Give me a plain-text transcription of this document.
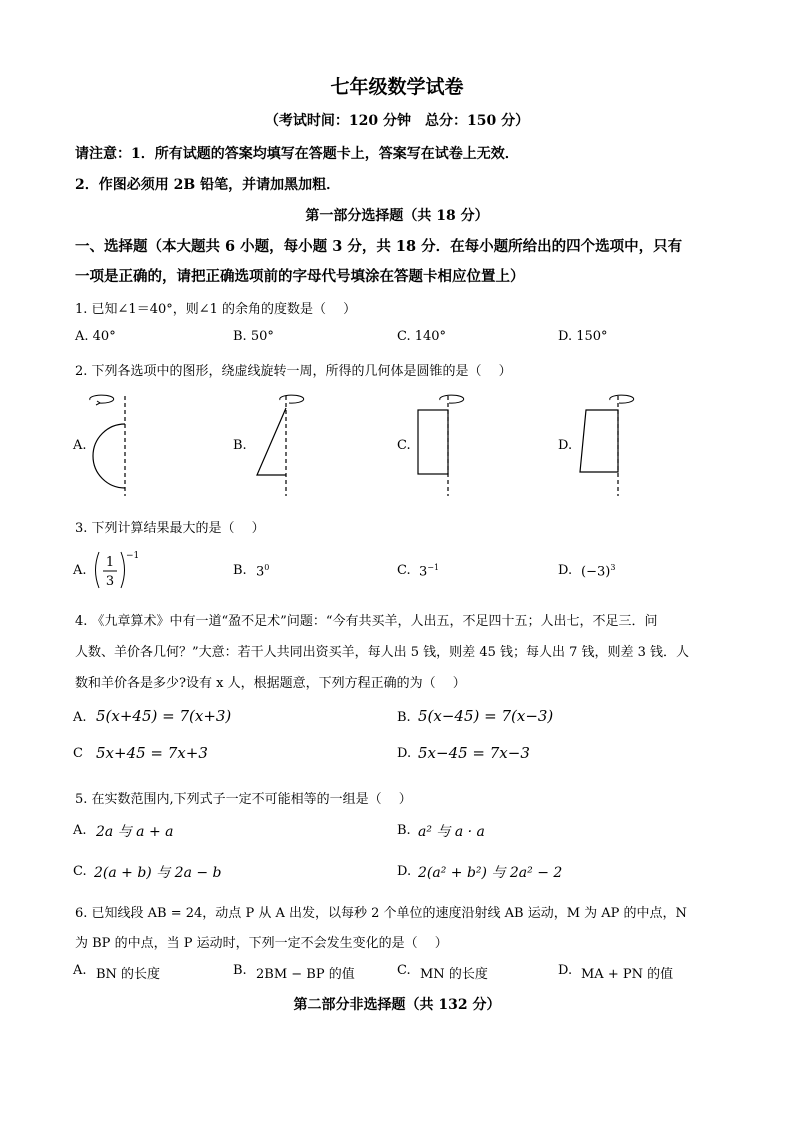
七年级数学试卷
（考试时间：120 分钟　总分：150 分）
请注意：1．所有试题的答案均填写在答题卡上，答案写在试卷上无效．
2．作图必须用 2B 铅笔，并请加黑加粗．
第一部分选择题（共 18 分）
一、选择题（本大题共 6 小题，每小题 3 分，共 18 分．在每小题所给出的四个选项中，只有
一项是正确的，请把正确选项前的字母代号填涂在答题卡相应位置上）
1. 已知∠1＝40°，则∠1 的余角的度数是（　 ）
A. 40°	B. 50°	C. 140°	D. 150°
2. 下列各选项中的图形，绕虚线旋转一周，所得的几何体是圆锥的是（　 ）
A.	B.	C.	D.
3. 下列计算结果最大的是（　 ）
A.
1
3
−1
B. $3^0$	C. $3^{-1}$	D. $(-3)^3$
4. 《九章算术》中有一道“盈不足术”问题：“今有共买羊，人出五，不足四十五；人出七，不足三．问
人数、羊价各几何？”大意：若干人共同出资买羊，每人出 5 钱，则差 45 钱；每人出 7 钱，则差 3 钱．人
数和羊价各是多少?设有 x 人，根据题意，下列方程正确的为（　 ）
A. 5(x+45) = 7(x+3)	B. 5(x−45) = 7(x−3)
C 5x+45 = 7x+3	D. 5x−45 = 7x−3
5. 在实数范围内,下列式子一定不可能相等的一组是（　 ）
A. 2a 与 a + a	B. a² 与 a · a
C. 2(a + b) 与 2a − b	D. 2(a² + b²) 与 2a² − 2
6. 已知线段 AB = 24，动点 P 从 A 出发，以每秒 2 个单位的速度沿射线 AB 运动，M 为 AP 的中点，N
为 BP 的中点，当 P 运动时，下列一定不会发生变化的是（　 ）
A. BN 的长度	B. 2BM − BP 的值	C. MN 的长度	D. MA + PN 的值
第二部分非选择题（共 132 分）
